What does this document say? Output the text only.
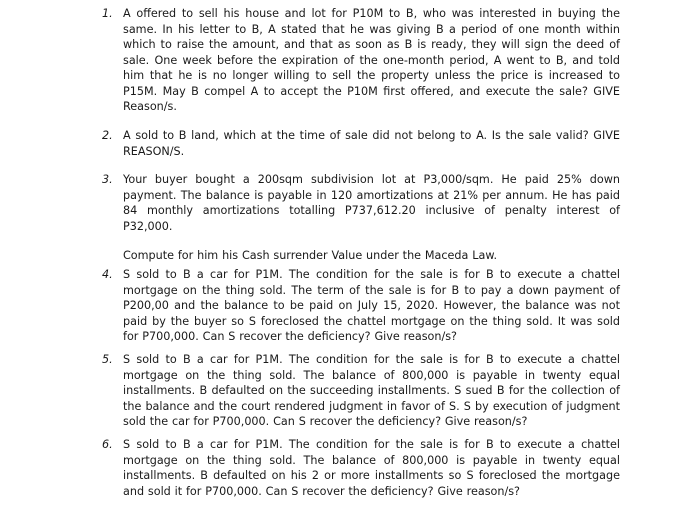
1. A offered to sell his house and lot for P10M to B, who was interested in buying the same. In his letter to B, A stated that he was giving B a period of one month within which to raise the amount, and that as soon as B is ready, they will sign the deed of sale. One week before the expiration of the one-month period, A went to B, and told him that he is no longer willing to sell the property unless the price is increased to P15M. May B compel A to accept the P10M first offered, and execute the sale? GIVE Reason/s.

2. A sold to B land, which at the time of sale did not belong to A. Is the sale valid? GIVE REASON/S.

3. Your buyer bought a 200sqm subdivision lot at P3,000/sqm. He paid 25% down payment. The balance is payable in 120 amortizations at 21% per annum. He has paid 84 monthly amortizations totalling P737,612.20 inclusive of penalty interest of P32,000.

Compute for him his Cash surrender Value under the Maceda Law.

4. S sold to B a car for P1M. The condition for the sale is for B to execute a chattel mortgage on the thing sold. The term of the sale is for B to pay a down payment of P200,00 and the balance to be paid on July 15, 2020. However, the balance was not paid by the buyer so S foreclosed the chattel mortgage on the thing sold. It was sold for P700,000. Can S recover the deficiency? Give reason/s?

5. S sold to B a car for P1M. The condition for the sale is for B to execute a chattel mortgage on the thing sold. The balance of 800,000 is payable in twenty equal installments. B defaulted on the succeeding installments. S sued B for the collection of the balance and the court rendered judgment in favor of S. S by execution of judgment sold the car for P700,000. Can S recover the deficiency? Give reason/s?

6. S sold to B a car for P1M. The condition for the sale is for B to execute a chattel mortgage on the thing sold. The balance of 800,000 is payable in twenty equal installments. B defaulted on his 2 or more installments so S foreclosed the mortgage and sold it for P700,000. Can S recover the deficiency? Give reason/s?
